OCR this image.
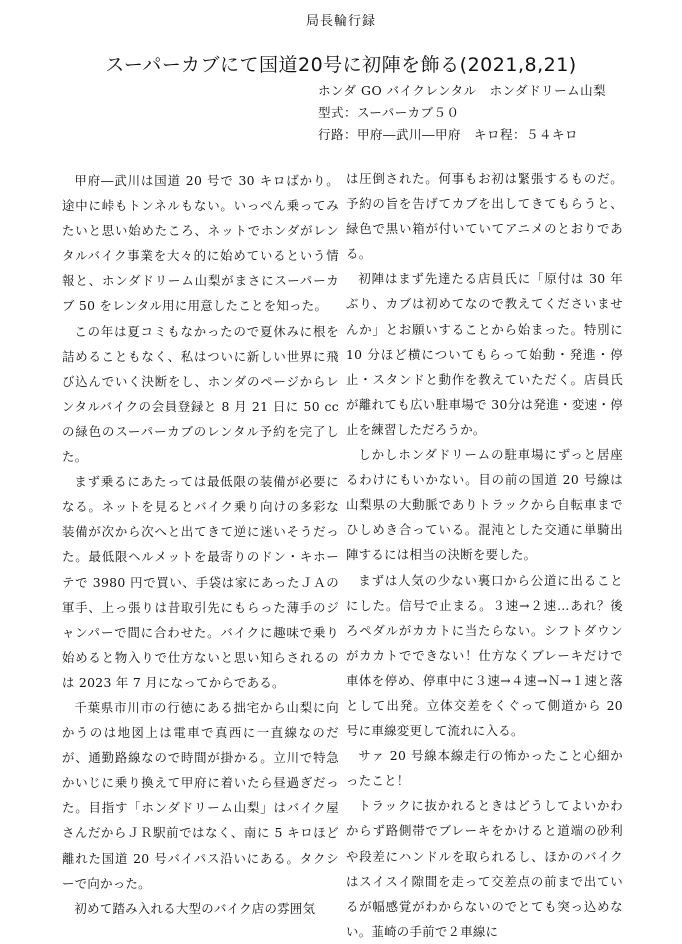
局長輪行録
スーパーカブにて国道20号に初陣を飾る(2021,8,21)
ホンダ GO バイクレンタル　ホンダドリーム山梨
型式：スーパーカブ５０
行路：甲府―武川―甲府　キロ程：５４キロ

甲府―武川は国道 20 号で 30 キロばかり。途中に峠もトンネルもない。いっぺん乗ってみたいと思い始めたころ、ネットでホンダがレンタルバイク事業を大々的に始めているという情報と、ホンダドリーム山梨がまさにスーパーカブ 50 をレンタル用に用意したことを知った。

この年は夏コミもなかったので夏休みに根を詰めることもなく、私はついに新しい世界に飛び込んでいく決断をし、ホンダのページからレンタルバイクの会員登録と 8 月 21 日に 50 ccの緑色のスーパーカブのレンタル予約を完了した。

まず乗るにあたっては最低限の装備が必要になる。ネットを見るとバイク乗り向けの多彩な装備が次から次へと出てきて逆に迷いそうだった。最低限ヘルメットを最寄りのドン・キホーテで 3980 円で買い、手袋は家にあったＪＡの軍手、上っ張りは昔取引先にもらった薄手のジャンパーで間に合わせた。バイクに趣味で乗り始めると物入りで仕方ないと思い知らされるのは 2023 年 7 月になってからである。

千葉県市川市の行徳にある拙宅から山梨に向かうのは地図上は電車で真西に一直線なのだが、通勤路線なので時間が掛かる。立川で特急かいじに乗り換えて甲府に着いたら昼過ぎだった。目指す「ホンダドリーム山梨」はバイク屋さんだからＪＲ駅前ではなく、南に 5 キロほど離れた国道 20 号バイパス沿いにある。タクシーで向かった。

初めて踏み入れる大型のバイク店の雰囲気

は圧倒された。何事もお初は緊張するものだ。予約の旨を告げてカブを出してきてもらうと、緑色で黒い箱が付いていてアニメのとおりである。

初陣はまず先達たる店員氏に「原付は 30 年ぶり、カブは初めてなので教えてくださいませんか」とお願いすることから始まった。特別に 10 分ほど横についてもらって始動・発進・停止・スタンドと動作を教えていただく。店員氏が離れても広い駐車場で 30分は発進・変速・停止を練習しただろうか。

しかしホンダドリームの駐車場にずっと居座るわけにもいかない。目の前の国道 20 号線は山梨県の大動脈でありトラックから自転車までひしめき合っている。混沌とした交通に単騎出陣するには相当の決断を要した。

まずは人気の少ない裏口から公道に出ることにした。信号で止まる。３速→２速…あれ？後ろペダルがカカトに当たらない。シフトダウンがカカトでできない！仕方なくブレーキだけで車体を停め、停車中に３速→４速→Ｎ→１速と落として出発。立体交差をくぐって側道から 20 号に車線変更して流れに入る。

サァ 20 号線本線走行の怖かったこと心細かったこと！

トラックに抜かれるときはどうしてよいかわからず路側帯でブレーキをかけると道端の砂利や段差にハンドルを取られるし、ほかのバイクはスイスイ隙間を走って交差点の前まで出ているが幅感覚がわからないのでとても突っ込めない。韮崎の手前で２車線に
